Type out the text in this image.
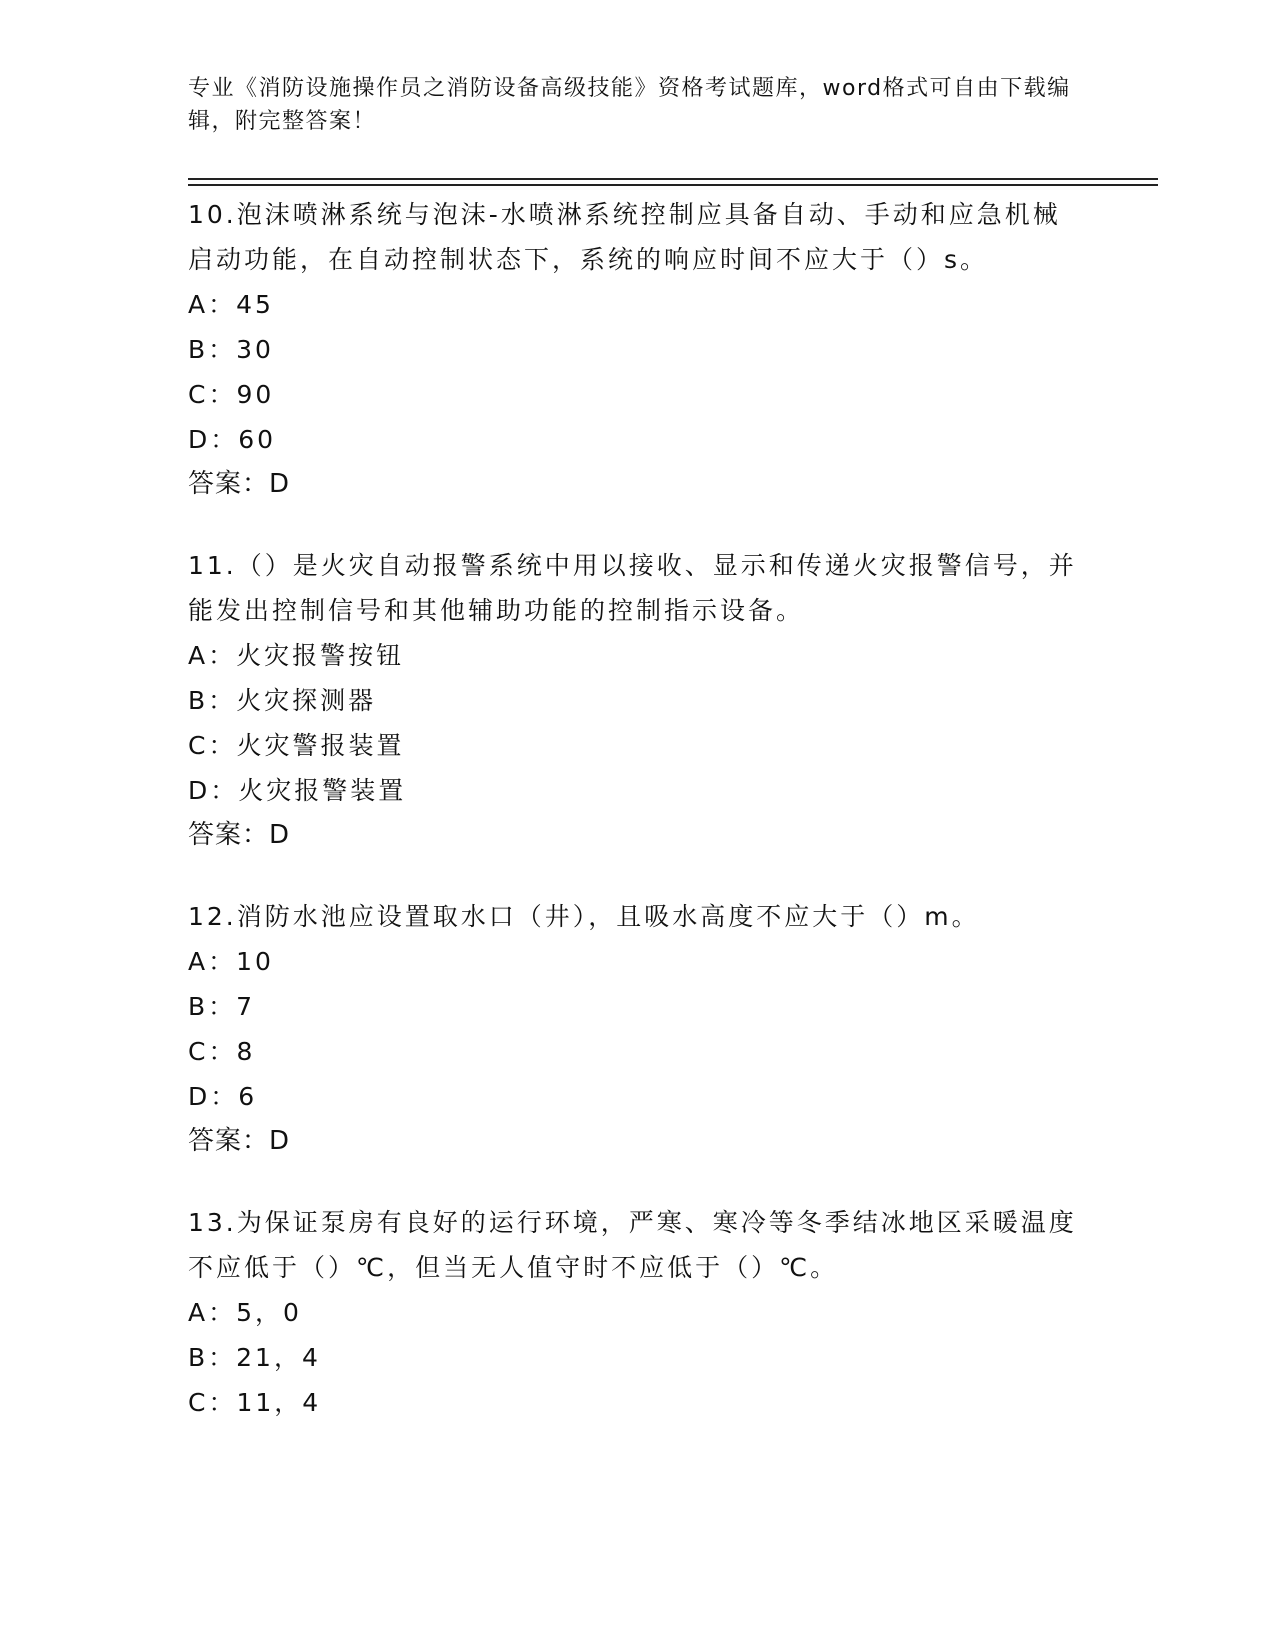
专业《消防设施操作员之消防设备高级技能》资格考试题库，word格式可自由下载编辑，附完整答案！

10.泡沫喷淋系统与泡沫-水喷淋系统控制应具备自动、手动和应急机械启动功能，在自动控制状态下，系统的响应时间不应大于（）s。

A：45

B：30

C：90

D：60

答案：D

11.（）是火灾自动报警系统中用以接收、显示和传递火灾报警信号，并能发出控制信号和其他辅助功能的控制指示设备。

A：火灾报警按钮

B：火灾探测器

C：火灾警报装置

D：火灾报警装置

答案：D

12.消防水池应设置取水口（井），且吸水高度不应大于（）m。

A：10

B：7

C：8

D：6

答案：D

13.为保证泵房有良好的运行环境，严寒、寒冷等冬季结冰地区采暖温度不应低于（）℃，但当无人值守时不应低于（）℃。

A：5，0

B：21，4

C：11，4
